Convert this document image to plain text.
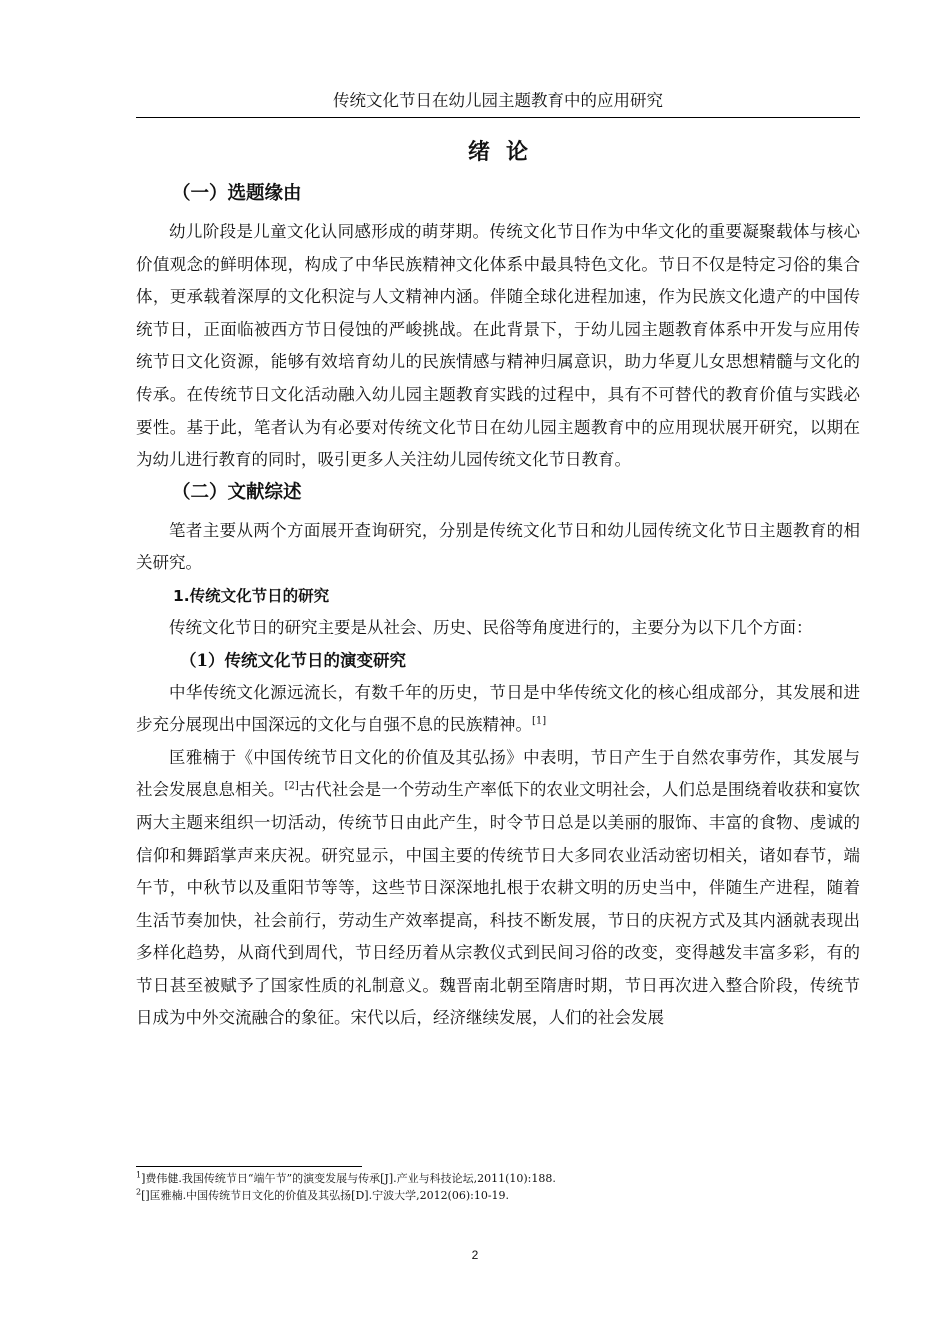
传统文化节日在幼儿园主题教育中的应用研究
绪论
（一）选题缘由

幼儿阶段是儿童文化认同感形成的萌芽期。传统文化节日作为中华文化的重要凝聚载体与核心价值观念的鲜明体现，构成了中华民族精神文化体系中最具特色文化。节日不仅是特定习俗的集合体，更承载着深厚的文化积淀与人文精神内涵。伴随全球化进程加速，作为民族文化遗产的中国传统节日，正面临被西方节日侵蚀的严峻挑战。在此背景下，于幼儿园主题教育体系中开发与应用传统节日文化资源，能够有效培育幼儿的民族情感与精神归属意识，助力华夏儿女思想精髓与文化的传承。在传统节日文化活动融入幼儿园主题教育实践的过程中，具有不可替代的教育价值与实践必要性。基于此，笔者认为有必要对传统文化节日在幼儿园主题教育中的应用现状展开研究，以期在为幼儿进行教育的同时，吸引更多人关注幼儿园传统文化节日教育。

（二）文献综述

笔者主要从两个方面展开查询研究，分别是传统文化节日和幼儿园传统文化节日主题教育的相关研究。

1.传统文化节日的研究

传统文化节日的研究主要是从社会、历史、民俗等角度进行的，主要分为以下几个方面：

（1）传统文化节日的演变研究

中华传统文化源远流长，有数千年的历史，节日是中华传统文化的核心组成部分，其发展和进步充分展现出中国深远的文化与自强不息的民族精神。[1]

匡雅楠于《中国传统节日文化的价值及其弘扬》中表明，节日产生于自然农事劳作，其发展与社会发展息息相关。[2]古代社会是一个劳动生产率低下的农业文明社会，人们总是围绕着收获和宴饮两大主题来组织一切活动，传统节日由此产生，时令节日总是以美丽的服饰、丰富的食物、虔诚的信仰和舞蹈掌声来庆祝。研究显示，中国主要的传统节日大多同农业活动密切相关，诸如春节，端午节，中秋节以及重阳节等等，这些节日深深地扎根于农耕文明的历史当中，伴随生产进程，随着生活节奏加快，社会前行，劳动生产效率提高，科技不断发展，节日的庆祝方式及其内涵就表现出多样化趋势，从商代到周代，节日经历着从宗教仪式到民间习俗的改变，变得越发丰富多彩，有的节日甚至被赋予了国家性质的礼制意义。魏晋南北朝至隋唐时期，节日再次进入整合阶段，传统节日成为中外交流融合的象征。宋代以后，经济继续发展，人们的社会发展

$^1$]费伟健.我国传统节日“端午节”的演变发展与传承[J].产业与科技论坛,2011(10):188.

$^2$[]匡雅楠.中国传统节日文化的价值及其弘扬[D].宁波大学,2012(06):10-19.

2
